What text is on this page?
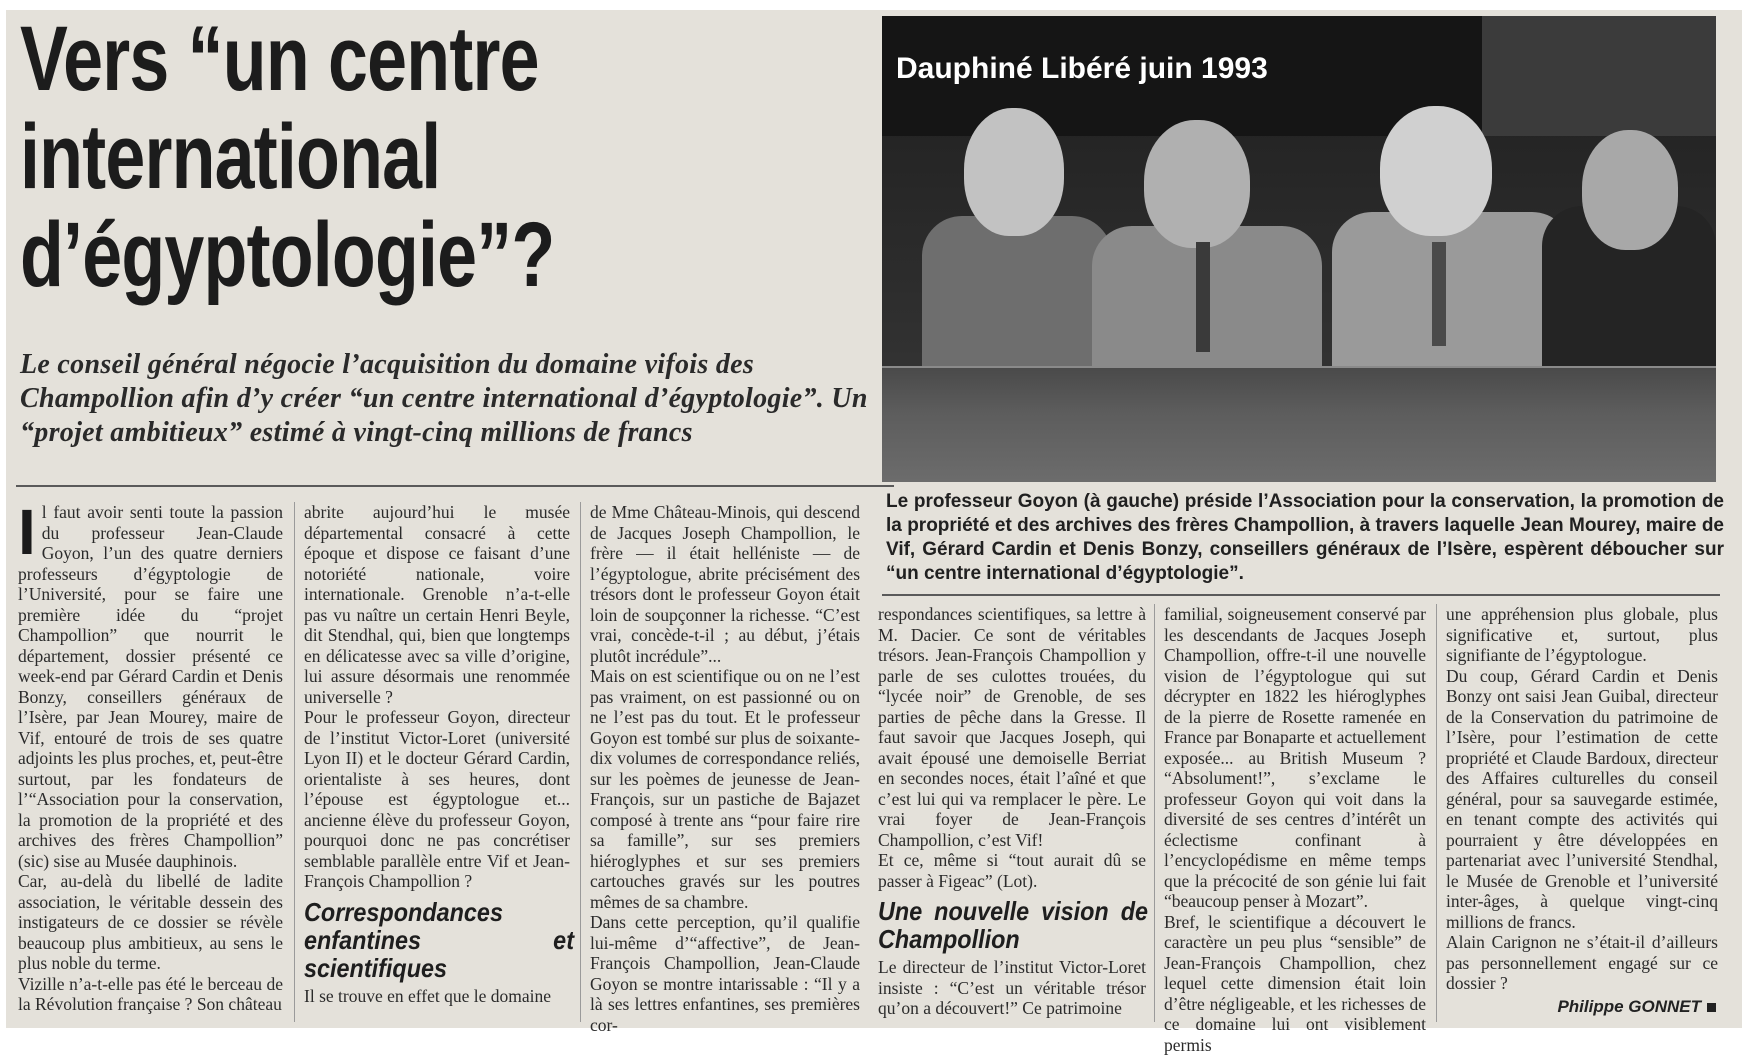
Vers “un centre
international
d’égyptologie”?
Le conseil général négocie l’acquisition du domaine vifois des Champollion afin d’y créer “un centre international d’égyptologie”. Un “projet ambitieux” estimé à vingt-cinq millions de francs
Dauphiné Libéré juin 1993
Le professeur Goyon (à gauche) préside l’Association pour la conservation, la promotion de la propriété et des archives des frères Champollion, à travers laquelle Jean Mourey, maire de Vif, Gérard Cardin et Denis Bonzy, conseillers généraux de l’Isère, espèrent déboucher sur “un centre international d’égyptologie”.
I l faut avoir senti toute la passion du professeur Jean-Claude Goyon, l’un des quatre derniers professeurs d’égyptologie de l’Université, pour se faire une première idée du “projet Champollion” que nourrit le département, dossier présenté ce week-end par Gérard Cardin et Denis Bonzy, conseillers généraux de l’Isère, par Jean Mourey, maire de Vif, entouré de trois de ses quatre adjoints les plus proches, et, peut-être surtout, par les fondateurs de l’“Association pour la conservation, la promotion de la propriété et des archives des frères Champollion” (sic) sise au Musée dauphinois.

Car, au-delà du libellé de ladite association, le véritable dessein des instigateurs de ce dossier se révèle beaucoup plus ambitieux, au sens le plus noble du terme.

Vizille n’a-t-elle pas été le berceau de la Révolution française ? Son château

abrite aujourd’hui le musée départemental consacré à cette époque et dispose ce faisant d’une notoriété nationale, voire internationale. Grenoble n’a-t-elle pas vu naître un certain Henri Beyle, dit Stendhal, qui, bien que longtemps en délicatesse avec sa ville d’origine, lui assure désormais une renommée universelle ?

Pour le professeur Goyon, directeur de l’institut Victor-Loret (université Lyon II) et le docteur Gérard Cardin, orientaliste à ses heures, dont l’épouse est égyptologue et... ancienne élève du professeur Goyon, pourquoi donc ne pas concrétiser semblable parallèle entre Vif et Jean-François Champollion ?

Correspondances enfantines et scientifiques

Il se trouve en effet que le domaine

de Mme Château-Minois, qui descend de Jacques Joseph Champollion, le frère — il était helléniste — de l’égyptologue, abrite précisément des trésors dont le professeur Goyon était loin de soupçonner la richesse. “C’est vrai, concède-t-il ; au début, j’étais plutôt incrédule”...

Mais on est scientifique ou on ne l’est pas vraiment, on est passionné ou on ne l’est pas du tout. Et le professeur Goyon est tombé sur plus de soixante-dix volumes de correspondance reliés, sur les poèmes de jeunesse de Jean-François, sur un pastiche de Bajazet composé à trente ans “pour faire rire sa famille”, sur ses premiers hiéroglyphes et sur ses premiers cartouches gravés sur les poutres mêmes de sa chambre.

Dans cette perception, qu’il qualifie lui-même d’“affective”, de Jean-François Champollion, Jean-Claude Goyon se montre intarissable : “Il y a là ses lettres enfantines, ses premières cor-

respondances scientifiques, sa lettre à M. Dacier. Ce sont de véritables trésors. Jean-François Champollion y parle de ses culottes trouées, du “lycée noir” de Grenoble, de ses parties de pêche dans la Gresse. Il faut savoir que Jacques Joseph, qui avait épousé une demoiselle Berriat en secondes noces, était l’aîné et que c’est lui qui va remplacer le père. Le vrai foyer de Jean-François Champollion, c’est Vif!

Et ce, même si “tout aurait dû se passer à Figeac” (Lot).

Une nouvelle vision de Champollion

Le directeur de l’institut Victor-Loret insiste : “C’est un véritable trésor qu’on a découvert!” Ce patrimoine

familial, soigneusement conservé par les descendants de Jacques Joseph Champollion, offre-t-il une nouvelle vision de l’égyptologue qui sut décrypter en 1822 les hiéroglyphes de la pierre de Rosette ramenée en France par Bonaparte et actuellement exposée... au British Museum ? “Absolument!”, s’exclame le professeur Goyon qui voit dans la diversité de ses centres d’intérêt un éclectisme confinant à l’encyclopédisme en même temps que la précocité de son génie lui fait “beaucoup penser à Mozart”.

Bref, le scientifique a découvert le caractère un peu plus “sensible” de Jean-François Champollion, chez lequel cette dimension était loin d’être négligeable, et les richesses de ce domaine lui ont visiblement permis

une appréhension plus globale, plus significative et, surtout, plus signifiante de l’égyptologue.

Du coup, Gérard Cardin et Denis Bonzy ont saisi Jean Guibal, directeur de la Conservation du patrimoine de l’Isère, pour l’estimation de cette propriété et Claude Bardoux, directeur des Affaires culturelles du conseil général, pour sa sauvegarde estimée, en tenant compte des activités qui pourraient y être développées en partenariat avec l’université Stendhal, le Musée de Grenoble et l’université inter-âges, à quelque vingt-cinq millions de francs.

Alain Carignon ne s’était-il d’ailleurs pas personnellement engagé sur ce dossier ?

Philippe GONNET
